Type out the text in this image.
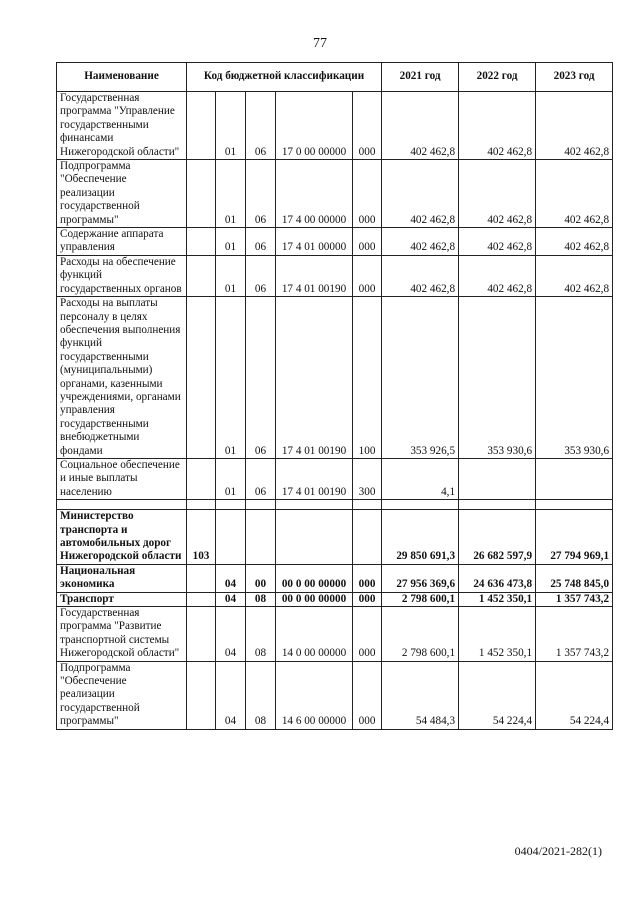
77
Наименование	Код бюджетной классификации					2021 год	2022 год	2023 год
Государственная программа "Управление государственными финансами Нижегородской области"		01	06	17 0 00 00000	000	402 462,8	402 462,8	402 462,8
Подпрограмма "Обеспечение реализации государственной программы"		01	06	17 4 00 00000	000	402 462,8	402 462,8	402 462,8
Содержание аппарата управления		01	06	17 4 01 00000	000	402 462,8	402 462,8	402 462,8
Расходы на обеспечение функций государственных органов		01	06	17 4 01 00190	000	402 462,8	402 462,8	402 462,8
Расходы на выплаты персоналу в целях обеспечения выполнения функций государственными (муниципальными) органами, казенными учреждениями, органами управления государственными внебюджетными фондами		01	06	17 4 01 00190	100	353 926,5	353 930,6	353 930,6
Социальное обеспечение и иные выплаты населению		01	06	17 4 01 00190	300	4,1		

Министерство транспорта и автомобильных дорог Нижегородской области	103					29 850 691,3	26 682 597,9	27 794 969,1
Национальная экономика		04	00	00 0 00 00000	000	27 956 369,6	24 636 473,8	25 748 845,0
Транспорт		04	08	00 0 00 00000	000	2 798 600,1	1 452 350,1	1 357 743,2
Государственная программа "Развитие транспортной системы Нижегородской области"		04	08	14 0 00 00000	000	2 798 600,1	1 452 350,1	1 357 743,2
Подпрограмма "Обеспечение реализации государственной программы"		04	08	14 6 00 00000	000	54 484,3	54 224,4	54 224,4
0404/2021-282(1)
